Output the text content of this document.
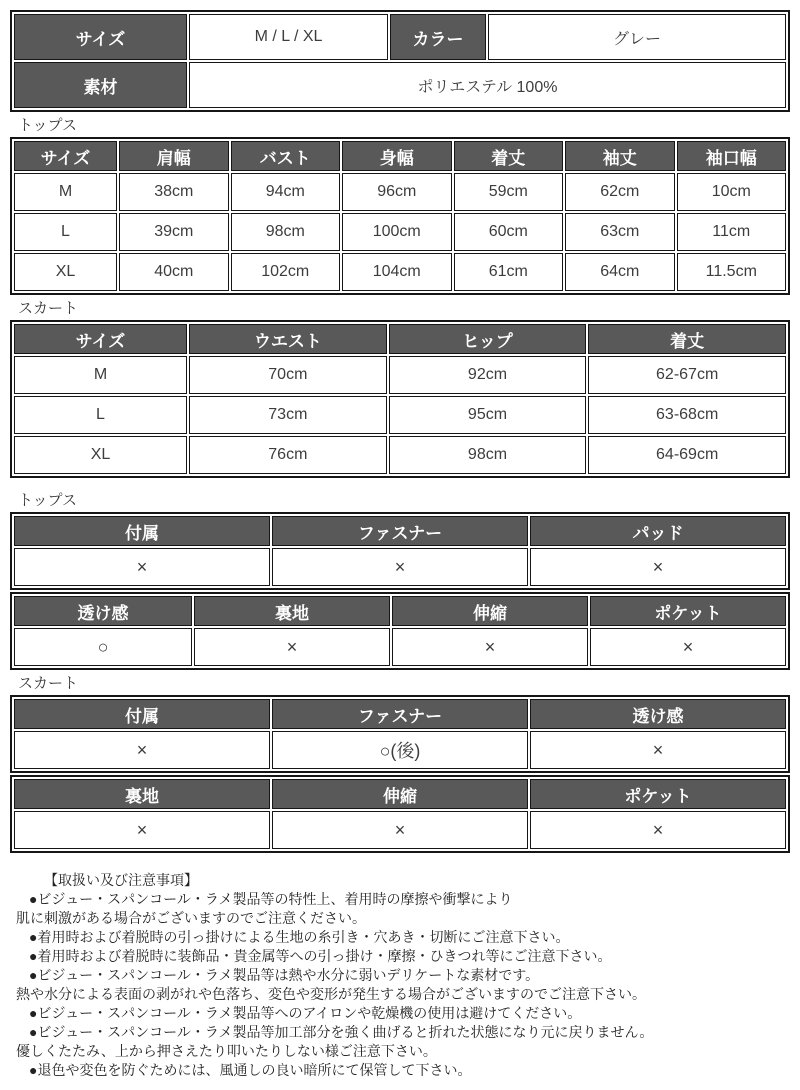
サイズ	M / L / XL	カラー	グレー
素材	ポリエステル 100%		
トップス
サイズ	肩幅	バスト	身幅	着丈	袖丈	袖口幅
M	38cm	94cm	96cm	59cm	62cm	10cm
L	39cm	98cm	100cm	60cm	63cm	11cm
XL	40cm	102cm	104cm	61cm	64cm	11.5cm
スカート
サイズ	ウエスト	ヒップ	着丈
M	70cm	92cm	62-67cm
L	73cm	95cm	63-68cm
XL	76cm	98cm	64-69cm
トップス
付属	ファスナー	パッド
×	×	×
透け感	裏地	伸縮	ポケット
○	×	×	×
スカート
付属	ファスナー	透け感
×	○(後)	×
裏地	伸縮	ポケット
×	×	×
【取扱い及び注意事項】
●ビジュー・スパンコール・ラメ製品等の特性上、着用時の摩擦や衝撃により
肌に刺激がある場合がございますのでご注意ください。
●着用時および着脱時の引っ掛けによる生地の糸引き・穴あき・切断にご注意下さい。
●着用時および着脱時に装飾品・貴金属等への引っ掛け・摩擦・ひきつれ等にご注意下さい。
●ビジュー・スパンコール・ラメ製品等は熱や水分に弱いデリケートな素材です。
熱や水分による表面の剥がれや色落ち、変色や変形が発生する場合がございますのでご注意下さい。
●ビジュー・スパンコール・ラメ製品等へのアイロンや乾燥機の使用は避けてください。
●ビジュー・スパンコール・ラメ製品等加工部分を強く曲げると折れた状態になり元に戻りません。
優しくたたみ、上から押さえたり叩いたりしない様ご注意下さい。
●退色や変色を防ぐためには、風通しの良い暗所にて保管して下さい。
